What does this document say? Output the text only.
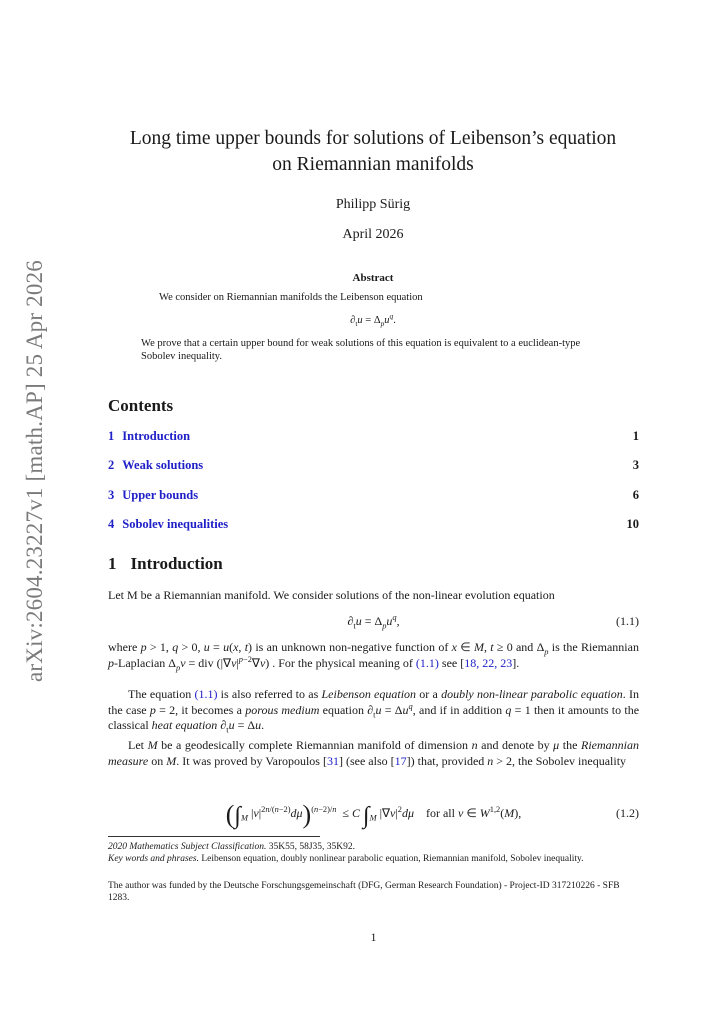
arXiv:2604.23227v1 [math.AP] 25 Apr 2026
Long time upper bounds for solutions of Leibenson’s equation
on Riemannian manifolds
Philipp Sürig
April 2026
Abstract
We consider on Riemannian manifolds the Leibenson equation
$\partial_tu = \Delta_pu^q$.
We prove that a certain upper bound for weak solutions of this equation is equivalent to a euclidean-type Sobolev inequality.
Contents
1 Introduction	1
2 Weak solutions	3
3 Upper bounds	6
4 Sobolev inequalities	10
1 Introduction
Let M be a Riemannian manifold. We consider solutions of the non-linear evolution equation
$\partial_tu = \Delta_pu^q$,	(1.1)
where p > 1, q > 0, u = u(x, t) is an unknown non-negative function of x ∈ M, t ≥ 0 and $\Delta_p$ is the Riemannian p-Laplacian $\Delta_pv$ = div $(|\nabla v|^{p-2}\nabla v)$ . For the physical meaning of (1.1) see [18, 22, 23].
The equation (1.1) is also referred to as Leibenson equation or a doubly non-linear parabolic equation. In the case p = 2, it becomes a porous medium equation $\partial_tu = \Delta u^q$, and if in addition q = 1 then it amounts to the classical heat equation $\partial_tu = \Delta u$.
Let M be a geodesically complete Riemannian manifold of dimension n and denote by μ the Riemannian measure on M. It was proved by Varopoulos [31] (see also [17]) that, provided n > 2, the Sobolev inequality
($\int_M$ $|v|^{2n/(n-2)}d\mu)^{(n-2)/n} \le C$ $\int_M$ $|\nabla v|^2d\mu$    for all v ∈ W$^{1,2}$(M),	(1.2)
2020 Mathematics Subject Classification. 35K55, 58J35, 35K92.
Key words and phrases. Leibenson equation, doubly nonlinear parabolic equation, Riemannian manifold, Sobolev inequality.
The author was funded by the Deutsche Forschungsgemeinschaft (DFG, German Research Foundation) - Project-ID 317210226 - SFB 1283.
1
